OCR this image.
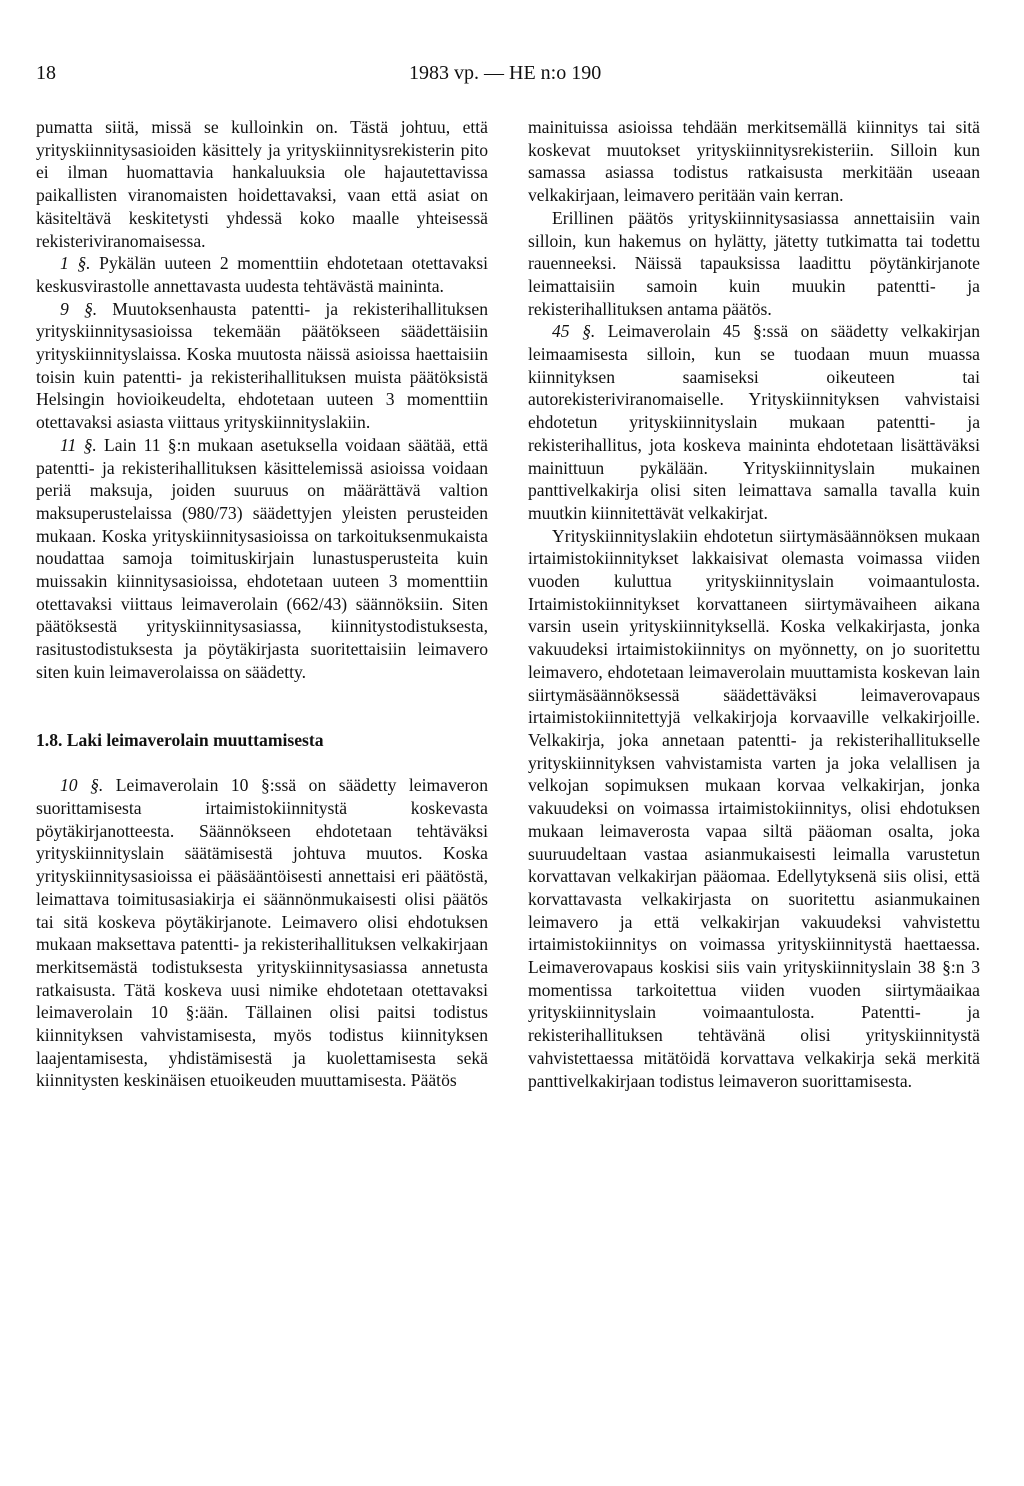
18	1983 vp. — HE n:o 190

pumatta siitä, missä se kulloinkin on. Tästä johtuu, että yrityskiinnitysasioiden käsittely ja yrityskiinnitysrekisterin pito ei ilman huomattavia hankaluuksia ole hajautettavissa paikallisten viranomaisten hoidettavaksi, vaan että asiat on käsiteltävä keskitetysti yhdessä koko maalle yhteisessä rekisteriviranomaisessa.

1 §. Pykälän uuteen 2 momenttiin ehdotetaan otettavaksi keskusvirastolle annettavasta uudesta tehtävästä maininta.

9 §. Muutoksenhausta patentti- ja rekisterihallituksen yrityskiinnitysasioissa tekemään päätökseen säädettäisiin yrityskiinnityslaissa. Koska muutosta näissä asioissa haettaisiin toisin kuin patentti- ja rekisterihallituksen muista päätöksistä Helsingin hovioikeudelta, ehdotetaan uuteen 3 momenttiin otettavaksi asiasta viittaus yrityskiinnityslakiin.

11 §. Lain 11 §:n mukaan asetuksella voidaan säätää, että patentti- ja rekisterihallituksen käsittelemissä asioissa voidaan periä maksuja, joiden suuruus on määrättävä valtion maksuperustelaissa (980/73) säädettyjen yleisten perusteiden mukaan. Koska yrityskiinnitysasioissa on tarkoituksenmukaista noudattaa samoja toimituskirjain lunastusperusteita kuin muissakin kiinnitysasioissa, ehdotetaan uuteen 3 momenttiin otettavaksi viittaus leimaverolain (662/43) säännöksiin. Siten päätöksestä yrityskiinnitysasiassa, kiinnitystodistuksesta, rasitustodistuksesta ja pöytäkirjasta suoritettaisiin leimavero siten kuin leimaverolaissa on säädetty.

1.8. Laki leimaverolain muuttamisesta

10 §. Leimaverolain 10 §:ssä on säädetty leimaveron suorittamisesta irtaimistokiinnitystä koskevasta pöytäkirjanotteesta. Säännökseen ehdotetaan tehtäväksi yrityskiinnityslain säätämisestä johtuva muutos. Koska yrityskiinnitysasioissa ei pääsääntöisesti annettaisi eri päätöstä, leimattava toimitusasiakirja ei säännönmukaisesti olisi päätös tai sitä koskeva pöytäkirjanote. Leimavero olisi ehdotuksen mukaan maksettava patentti- ja rekisterihallituksen velkakirjaan merkitsemästä todistuksesta yrityskiinnitysasiassa annetusta ratkaisusta. Tätä koskeva uusi nimike ehdotetaan otettavaksi leimaverolain 10 §:ään. Tällainen olisi paitsi todistus kiinnityksen vahvistamisesta, myös todistus kiinnityksen laajentamisesta, yhdistämisestä ja kuolettamisesta sekä kiinnitysten keskinäisen etuoikeuden muuttamisesta. Päätös

mainituissa asioissa tehdään merkitsemällä kiinnitys tai sitä koskevat muutokset yrityskiinnitysrekisteriin. Silloin kun samassa asiassa todistus ratkaisusta merkitään useaan velkakirjaan, leimavero peritään vain kerran.

Erillinen päätös yrityskiinnitysasiassa annettaisiin vain silloin, kun hakemus on hylätty, jätetty tutkimatta tai todettu rauenneeksi. Näissä tapauksissa laadittu pöytänkirjanote leimattaisiin samoin kuin muukin patentti- ja rekisterihallituksen antama päätös.

45 §. Leimaverolain 45 §:ssä on säädetty velkakirjan leimaamisesta silloin, kun se tuodaan muun muassa kiinnityksen saamiseksi oikeuteen tai autorekisteriviranomaiselle. Yrityskiinnityksen vahvistaisi ehdotetun yrityskiinnityslain mukaan patentti- ja rekisterihallitus, jota koskeva maininta ehdotetaan lisättäväksi mainittuun pykälään. Yrityskiinnityslain mukainen panttivelkakirja olisi siten leimattava samalla tavalla kuin muutkin kiinnitettävät velkakirjat.

Yrityskiinnityslakiin ehdotetun siirtymäsäännöksen mukaan irtaimistokiinnitykset lakkaisivat olemasta voimassa viiden vuoden kuluttua yrityskiinnityslain voimaantulosta. Irtaimistokiinnitykset korvattaneen siirtymävaiheen aikana varsin usein yrityskiinnityksellä. Koska velkakirjasta, jonka vakuudeksi irtaimistokiinnitys on myönnetty, on jo suoritettu leimavero, ehdotetaan leimaverolain muuttamista koskevan lain siirtymäsäännöksessä säädettäväksi leimaverovapaus irtaimistokiinnitettyjä velkakirjoja korvaaville velkakirjoille. Velkakirja, joka annetaan patentti- ja rekisterihallitukselle yrityskiinnityksen vahvistamista varten ja joka velallisen ja velkojan sopimuksen mukaan korvaa velkakirjan, jonka vakuudeksi on voimassa irtaimistokiinnitys, olisi ehdotuksen mukaan leimaverosta vapaa siltä pääoman osalta, joka suuruudeltaan vastaa asianmukaisesti leimalla varustetun korvattavan velkakirjan pääomaa. Edellytyksenä siis olisi, että korvattavasta velkakirjasta on suoritettu asianmukainen leimavero ja että velkakirjan vakuudeksi vahvistettu irtaimistokiinnitys on voimassa yrityskiinnitystä haettaessa. Leimaverovapaus koskisi siis vain yrityskiinnityslain 38 §:n 3 momentissa tarkoitettua viiden vuoden siirtymäaikaa yrityskiinnityslain voimaantulosta. Patentti- ja rekisterihallituksen tehtävänä olisi yrityskiinnitystä vahvistettaessa mitätöidä korvattava velkakirja sekä merkitä panttivelkakirjaan todistus leimaveron suorittamisesta.
